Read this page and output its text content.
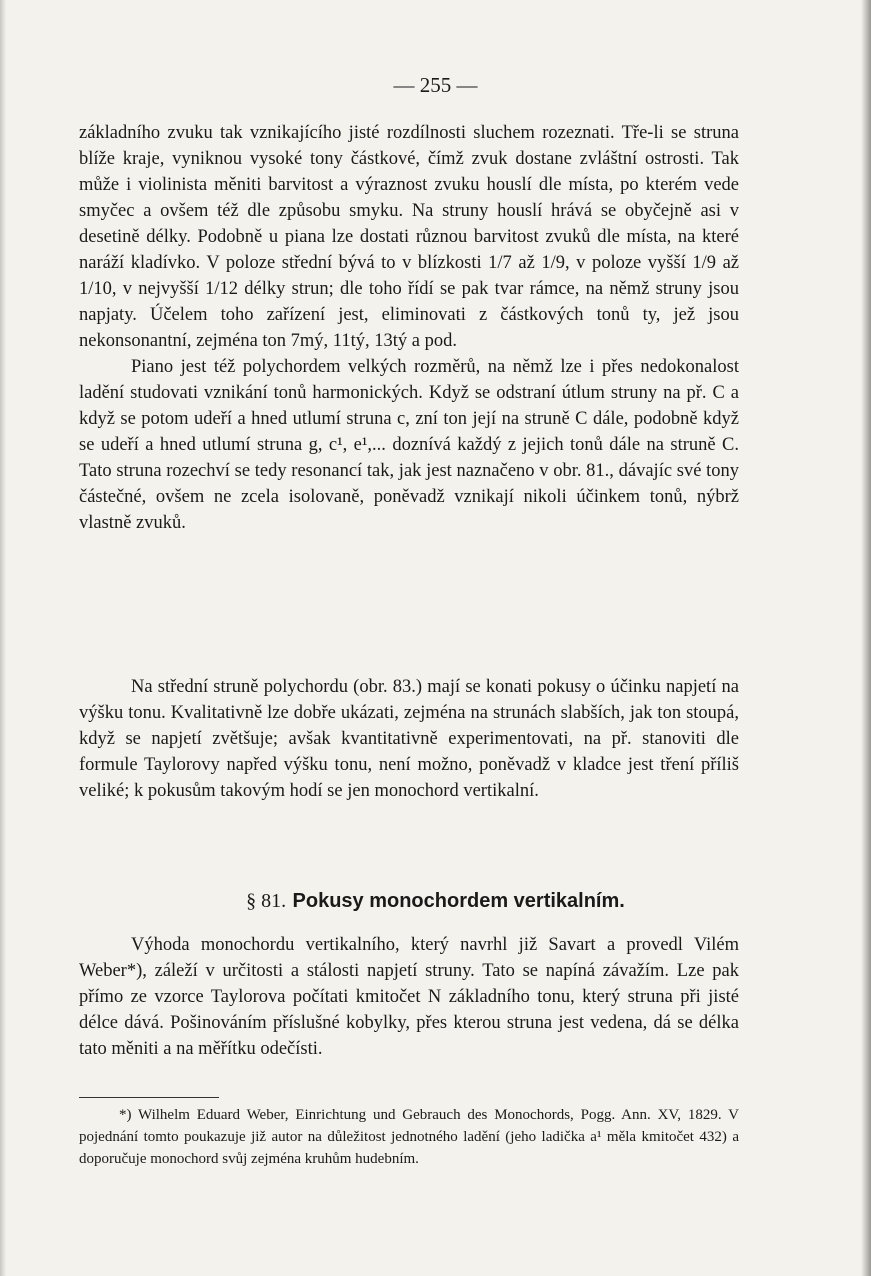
— 255 —

základního zvuku tak vznikajícího jisté rozdílnosti sluchem rozeznati. Tře-li se struna blíže kraje, vyniknou vysoké tony částkové, čímž zvuk dostane zvláštní ostrosti. Tak může i violinista měniti barvitost a výraznost zvuku houslí dle místa, po kterém vede smyčec a ovšem též dle způsobu smyku. Na struny houslí hrává se obyčejně asi v desetině délky. Podobně u piana lze dostati různou barvitost zvuků dle místa, na které naráží kladívko. V poloze střední bývá to v blízkosti 1/7 až 1/9, v poloze vyšší 1/9 až 1/10, v nejvyšší 1/12 délky strun; dle toho řídí se pak tvar rámce, na němž struny jsou napjaty. Účelem toho zařízení jest, eliminovati z částkových tonů ty, jež jsou nekonsonantní, zejména ton 7mý, 11tý, 13tý a pod.

Piano jest též polychordem velkých rozměrů, na němž lze i přes nedokonalost ladění studovati vznikání tonů harmonických. Když se odstraní útlum struny na př. C a když se potom udeří a hned utlumí struna c, zní ton její na struně C dále, podobně když se udeří a hned utlumí struna g, c¹, e¹,... doznívá každý z jejich tonů dále na struně C. Tato struna rozechví se tedy resonancí tak, jak jest naznačeno v obr. 81., dávajíc své tony částečné, ovšem ne zcela isolovaně, poněvadž vznikají nikoli účinkem tonů, nýbrž vlastně zvuků.

Na střední struně polychordu (obr. 83.) mají se konati pokusy o účinku napjetí na výšku tonu. Kvalitativně lze dobře ukázati, zejména na strunách slabších, jak ton stoupá, když se napjetí zvětšuje; avšak kvantitativně experimentovati, na př. stanoviti dle formule Taylorovy napřed výšku tonu, není možno, poněvadž v kladce jest tření příliš veliké; k pokusům takovým hodí se jen monochord vertikalní.

§ 81. Pokusy monochordem vertikalním.

Výhoda monochordu vertikalního, který navrhl již Savart a provedl Vilém Weber*), záleží v určitosti a stálosti napjetí struny. Tato se napíná závažím. Lze pak přímo ze vzorce Taylorova počítati kmitočet N základního tonu, který struna při jisté délce dává. Pošinováním příslušné kobylky, přes kterou struna jest vedena, dá se délka tato měniti a na měřítku odečísti.

*) Wilhelm Eduard Weber, Einrichtung und Gebrauch des Monochords, Pogg. Ann. XV, 1829. V pojednání tomto poukazuje již autor na důležitost jednotného ladění (jeho ladička a¹ měla kmitočet 432) a doporučuje monochord svůj zejména kruhům hudebním.
